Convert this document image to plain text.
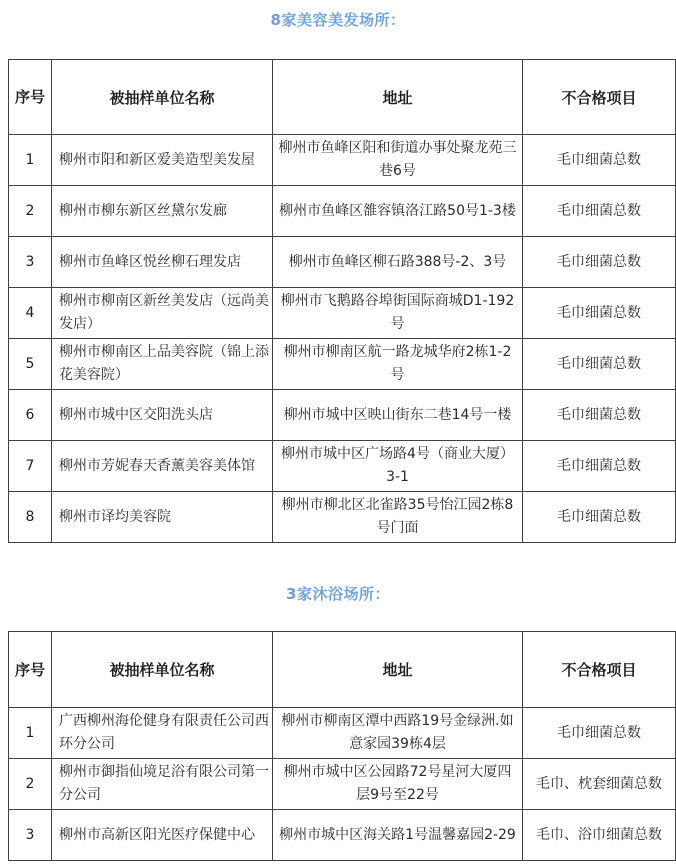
8家美容美发场所：
序号	被抽样单位名称	地址	不合格项目
1	柳州市阳和新区爱美造型美发屋	柳州市鱼峰区阳和街道办事处聚龙苑三巷6号	毛巾细菌总数
2	柳州市柳东新区丝黛尔发廊	柳州市鱼峰区雒容镇洛江路50号1-3楼	毛巾细菌总数
3	柳州市鱼峰区悦丝柳石理发店	柳州市鱼峰区柳石路388号-2、3号	毛巾细菌总数
4	柳州市柳南区新丝美发店（远尚美发店）	柳州市飞鹅路谷埠街国际商城D1-192号	毛巾细菌总数
5	柳州市柳南区上品美容院（锦上添花美容院）	柳州市柳南区航一路龙城华府2栋1-2号	毛巾细菌总数
6	柳州市城中区交阳洗头店	柳州市城中区映山街东二巷14号一楼	毛巾细菌总数
7	柳州市芳妮春天香薰美容美体馆	柳州市城中区广场路4号（商业大厦）3-1	毛巾细菌总数
8	柳州市译均美容院	柳州市柳北区北雀路35号怡江园2栋8号门面	毛巾细菌总数
3家沐浴场所：
序号	被抽样单位名称	地址	不合格项目
1	广西柳州海伦健身有限责任公司西环分公司	柳州市柳南区潭中西路19号金绿洲.如意家园39栋4层	毛巾细菌总数
2	柳州市御指仙境足浴有限公司第一分公司	柳州市城中区公园路72号星河大厦四层9号至22号	毛巾、枕套细菌总数
3	柳州市高新区阳光医疗保健中心	柳州市城中区海关路1号温馨嘉园2-29	毛巾、浴巾细菌总数
